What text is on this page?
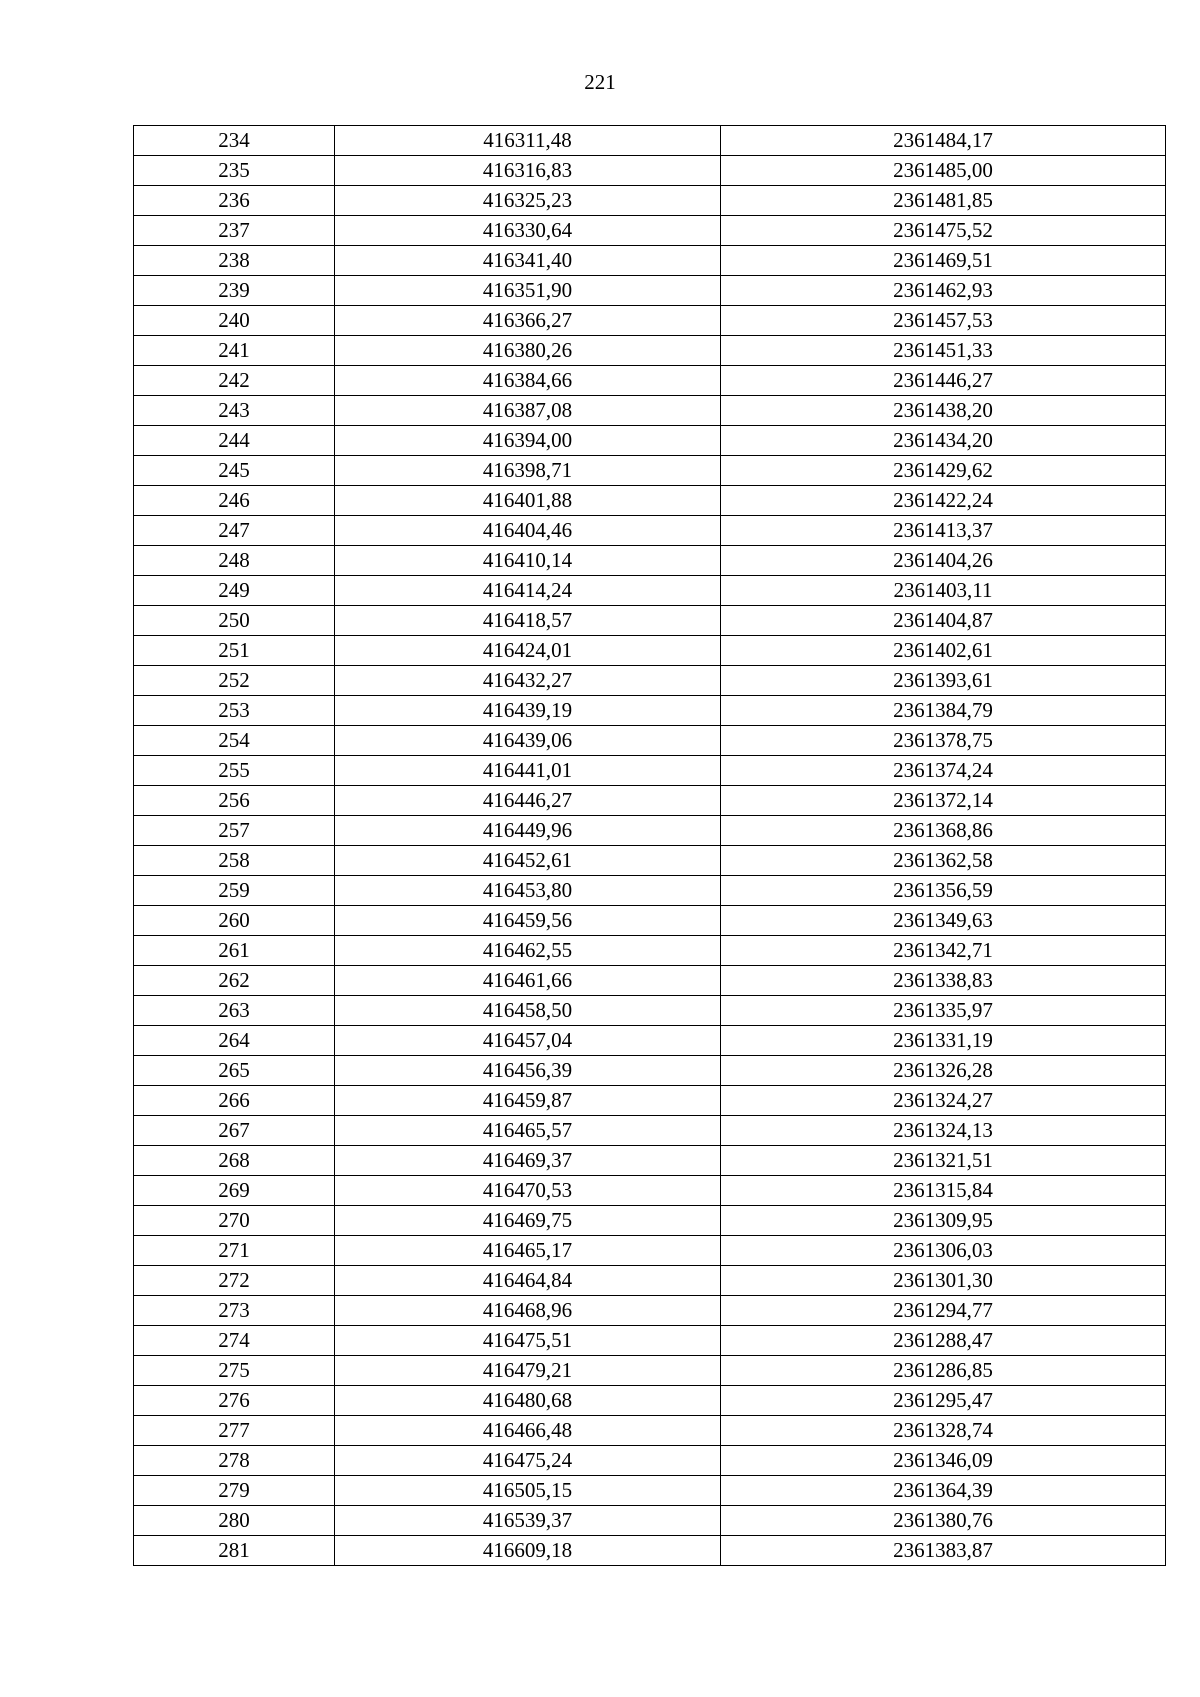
221
234	416311,48	2361484,17
235	416316,83	2361485,00
236	416325,23	2361481,85
237	416330,64	2361475,52
238	416341,40	2361469,51
239	416351,90	2361462,93
240	416366,27	2361457,53
241	416380,26	2361451,33
242	416384,66	2361446,27
243	416387,08	2361438,20
244	416394,00	2361434,20
245	416398,71	2361429,62
246	416401,88	2361422,24
247	416404,46	2361413,37
248	416410,14	2361404,26
249	416414,24	2361403,11
250	416418,57	2361404,87
251	416424,01	2361402,61
252	416432,27	2361393,61
253	416439,19	2361384,79
254	416439,06	2361378,75
255	416441,01	2361374,24
256	416446,27	2361372,14
257	416449,96	2361368,86
258	416452,61	2361362,58
259	416453,80	2361356,59
260	416459,56	2361349,63
261	416462,55	2361342,71
262	416461,66	2361338,83
263	416458,50	2361335,97
264	416457,04	2361331,19
265	416456,39	2361326,28
266	416459,87	2361324,27
267	416465,57	2361324,13
268	416469,37	2361321,51
269	416470,53	2361315,84
270	416469,75	2361309,95
271	416465,17	2361306,03
272	416464,84	2361301,30
273	416468,96	2361294,77
274	416475,51	2361288,47
275	416479,21	2361286,85
276	416480,68	2361295,47
277	416466,48	2361328,74
278	416475,24	2361346,09
279	416505,15	2361364,39
280	416539,37	2361380,76
281	416609,18	2361383,87
